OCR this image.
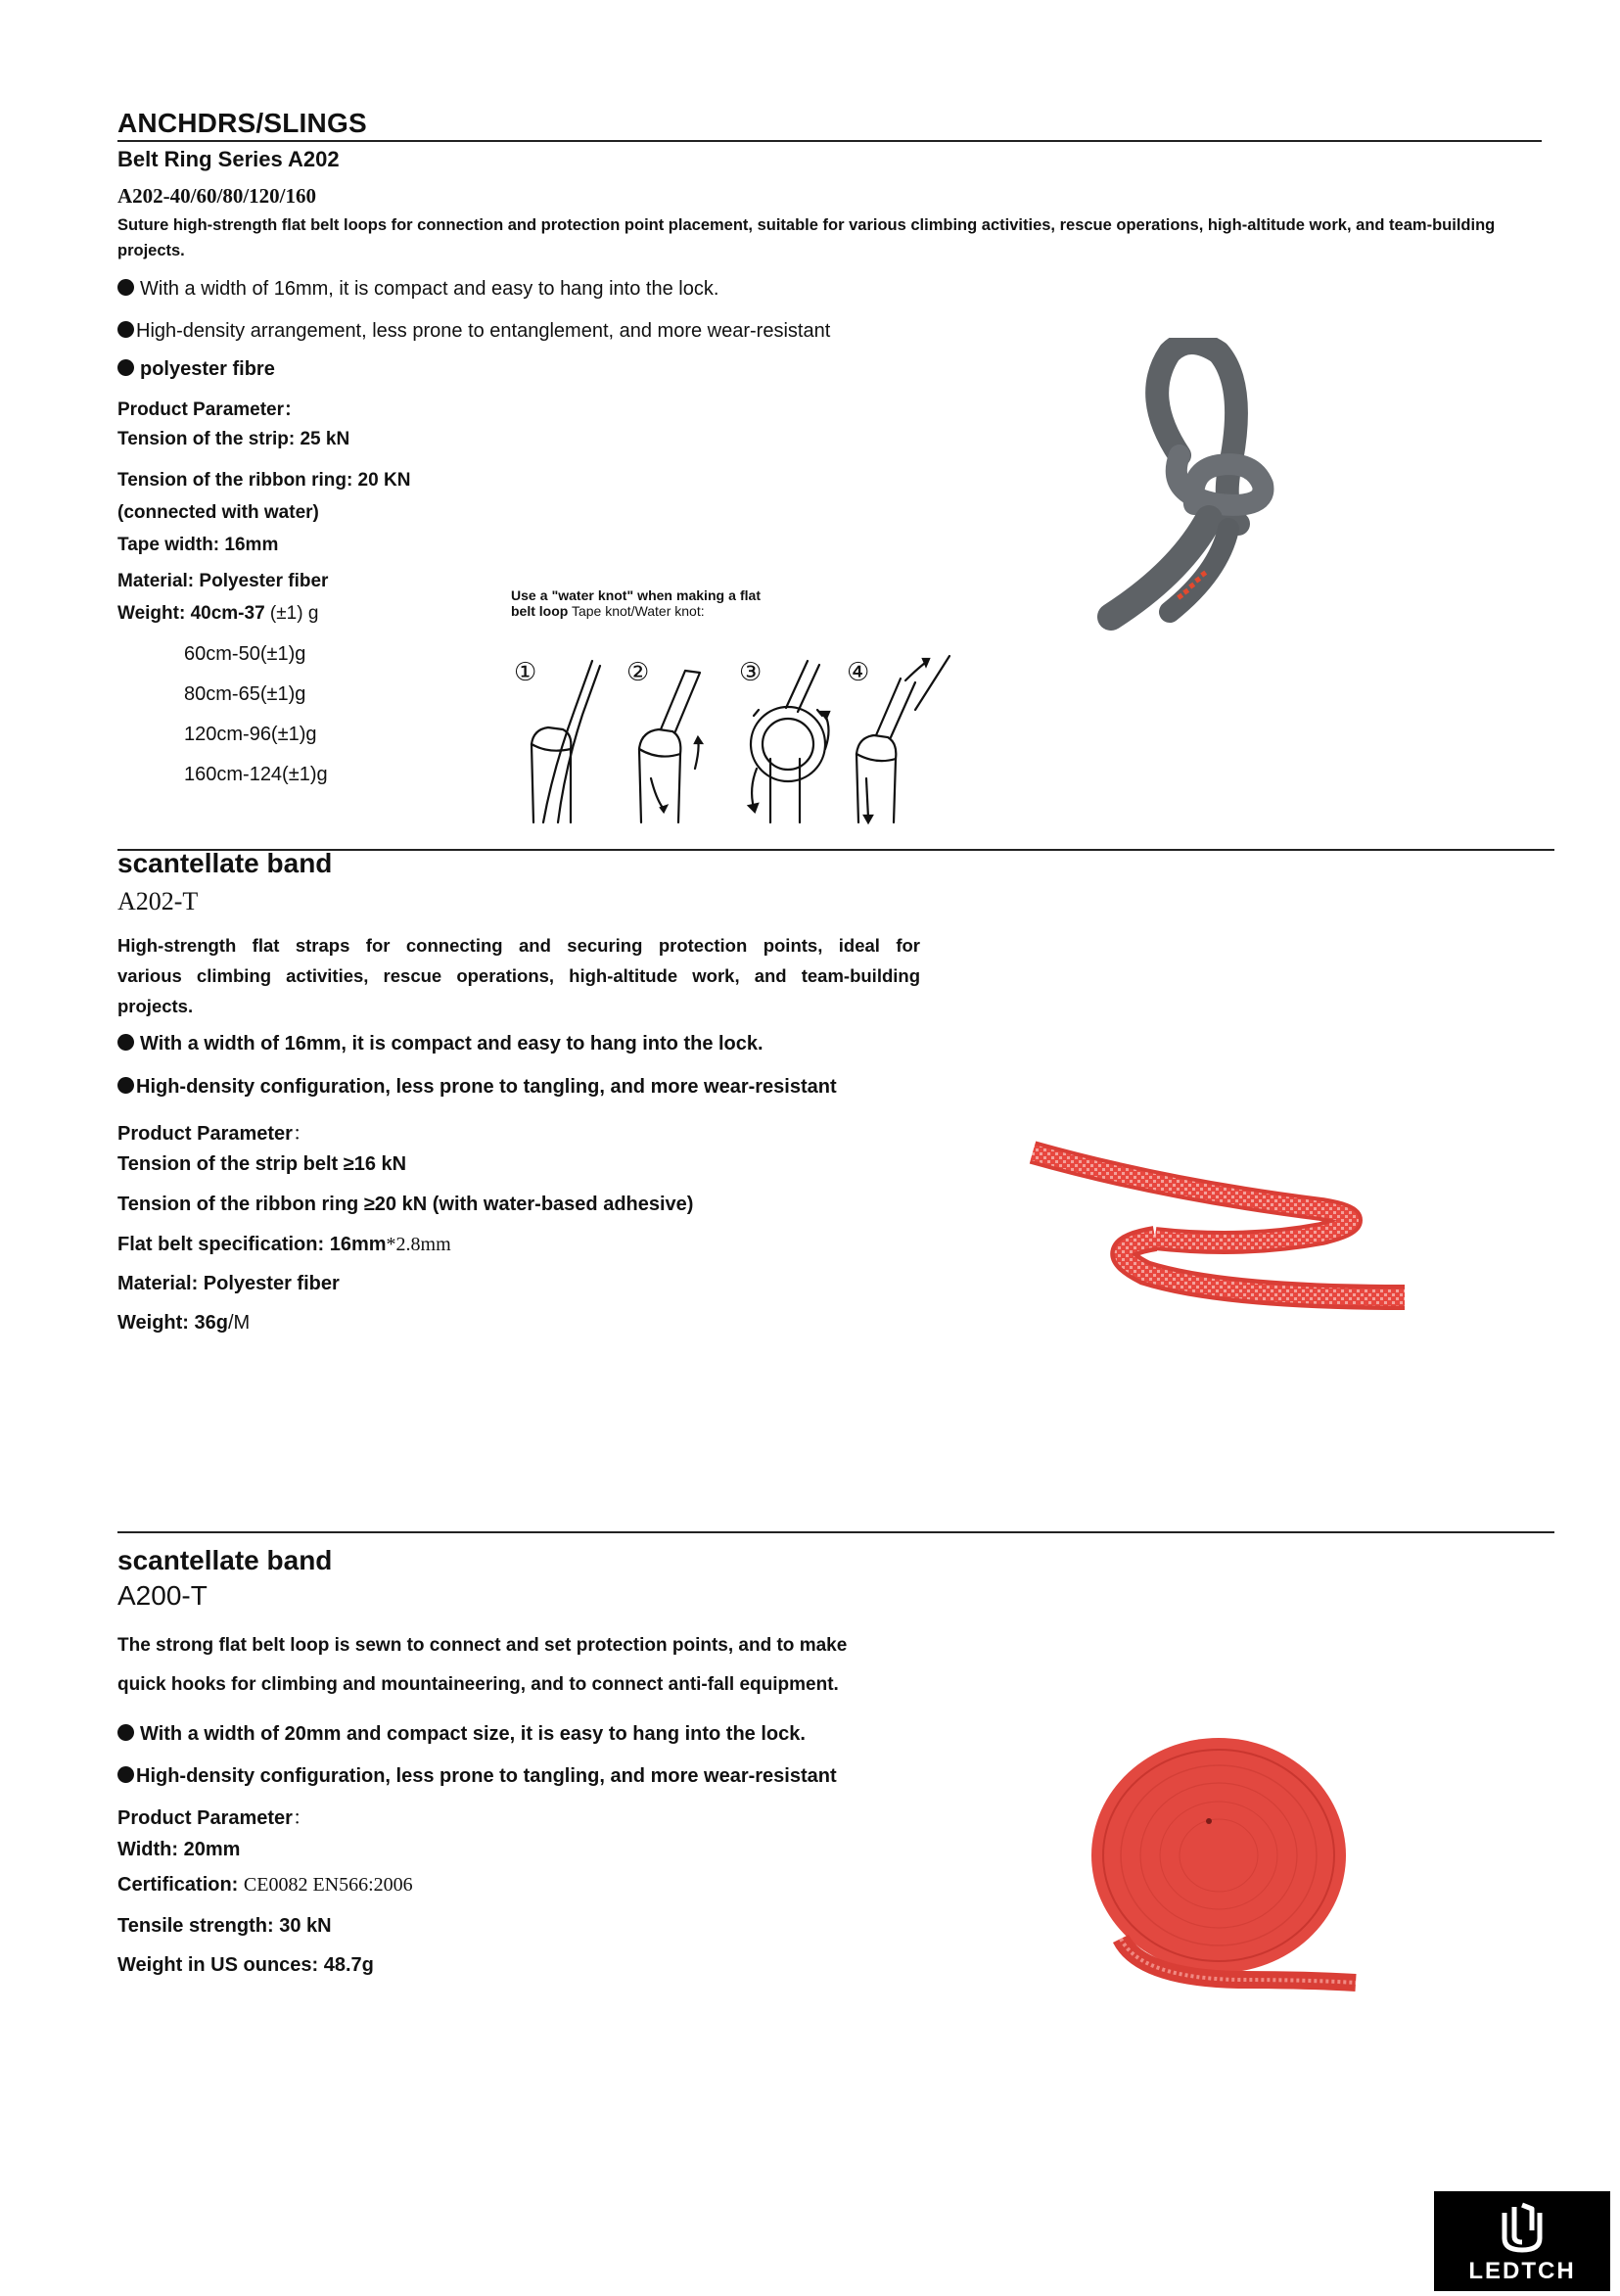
ANCHDRS/SLINGS
Belt Ring Series A202
A202-40/60/80/120/160
Suture high-strength flat belt loops for connection and protection point placement, suitable for various climbing activities, rescue operations, high-altitude work, and team-building
projects.
With a width of 16mm, it is compact and easy to hang into the lock.
High-density arrangement, less prone to entanglement, and more wear-resistant
polyester fibre
Product Parameter：
Tension of the strip: 25 kN
Tension of the ribbon ring: 20 KN
(connected with water)
Tape width: 16mm
Material: Polyester fiber
Weight: 40cm-37 (±1) g
60cm-50(±1)g
80cm-65(±1)g
120cm-96(±1)g
160cm-124(±1)g
Use a "water knot" when making a flat belt loop Tape knot/Water knot:
①	②	③	④
scantellate band
A202-T
High-strength flat straps for connecting and securing protection points, ideal for
various climbing activities, rescue operations, high-altitude work, and team-building
projects.
With a width of 16mm, it is compact and easy to hang into the lock.
High-density configuration, less prone to tangling, and more wear-resistant
Product Parameter：
Tension of the strip belt ≥16 kN
Tension of the ribbon ring ≥20 kN (with water-based adhesive)
Flat belt specification: 16mm*2.8mm
Material: Polyester fiber
Weight: 36g/M
scantellate band
A200-T
The strong flat belt loop is sewn to connect and set protection points, and to make
quick hooks for climbing and mountaineering, and to connect anti-fall equipment.
With a width of 20mm and compact size, it is easy to hang into the lock.
High-density configuration, less prone to tangling, and more wear-resistant
Product Parameter：
Width: 20mm
Certification: CE0082 EN566:2006
Tensile strength: 30 kN
Weight in US ounces: 48.7g
LEDTCH
